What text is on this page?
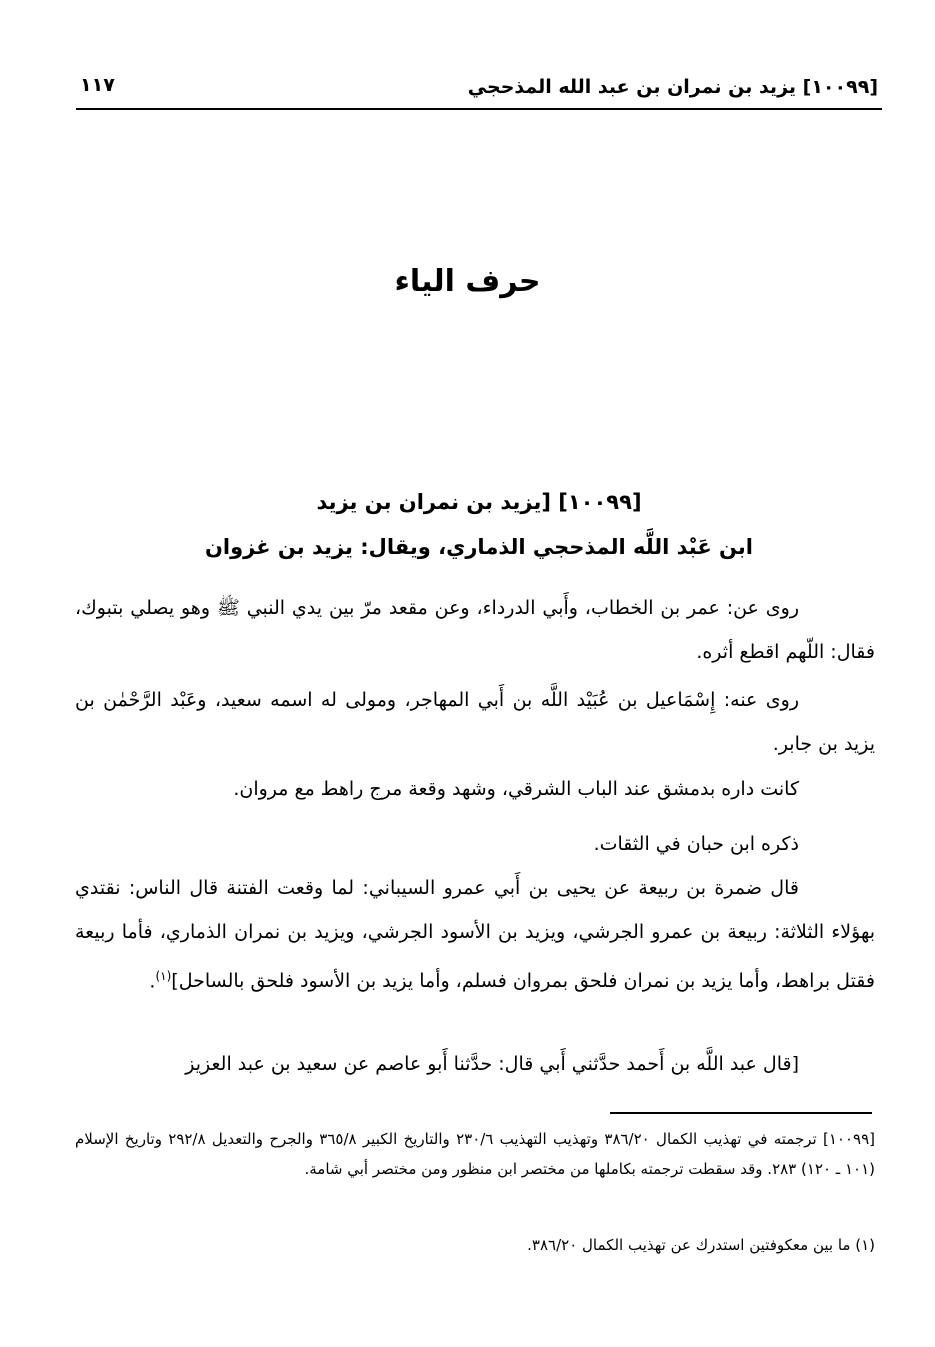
[١٠٠٩٩] يزيد بن نمران بن عبد الله المذحجي
١١٧
حرف الياء
[١٠٠٩٩] [يزيد بن نمران بن يزيد
ابن عَبْد اللَّه المذحجي الذماري، ويقال: يزيد بن غزوان
روى عن: عمر بن الخطاب، وأَبي الدرداء، وعن مقعد مرّ بين يدي النبي ﷺ وهو يصلي بتبوك، فقال: اللّهم اقطع أثره.
روى عنه: إِسْمَاعيل بن عُبَيْد اللَّه بن أَبي المهاجر، ومولى له اسمه سعيد، وعَبْد الرَّحْمٰن بن يزيد بن جابر.
كانت داره بدمشق عند الباب الشرقي، وشهد وقعة مرج راهط مع مروان.
ذكره ابن حبان في الثقات.
قال ضمرة بن ربيعة عن يحيى بن أَبي عمرو السيباني: لما وقعت الفتنة قال الناس: نقتدي بهؤلاء الثلاثة: ربيعة بن عمرو الجرشي، ويزيد بن الأسود الجرشي، ويزيد بن نمران الذماري، فأما ربيعة فقتل براهط، وأما يزيد بن نمران فلحق بمروان فسلم، وأما يزيد بن الأسود فلحق بالساحل]$^{(١)}$.
[قال عبد اللَّه بن أَحمد حدَّثني أَبي قال: حدَّثنا أَبو عاصم عن سعيد بن عبد العزيز
[١٠٠٩٩] ترجمته في تهذيب الكمال ٣٨٦/٢٠ وتهذيب التهذيب ٢٣٠/٦ والتاريخ الكبير ٣٦٥/٨ والجرح والتعديل ٢٩٢/٨ وتاريخ الإسلام (١٠١ ـ ١٢٠) ٢٨٣. وقد سقطت ترجمته بكاملها من مختصر ابن منظور ومن مختصر أبي شامة.
(١) ما بين معكوفتين استدرك عن تهذيب الكمال ٣٨٦/٢٠.
